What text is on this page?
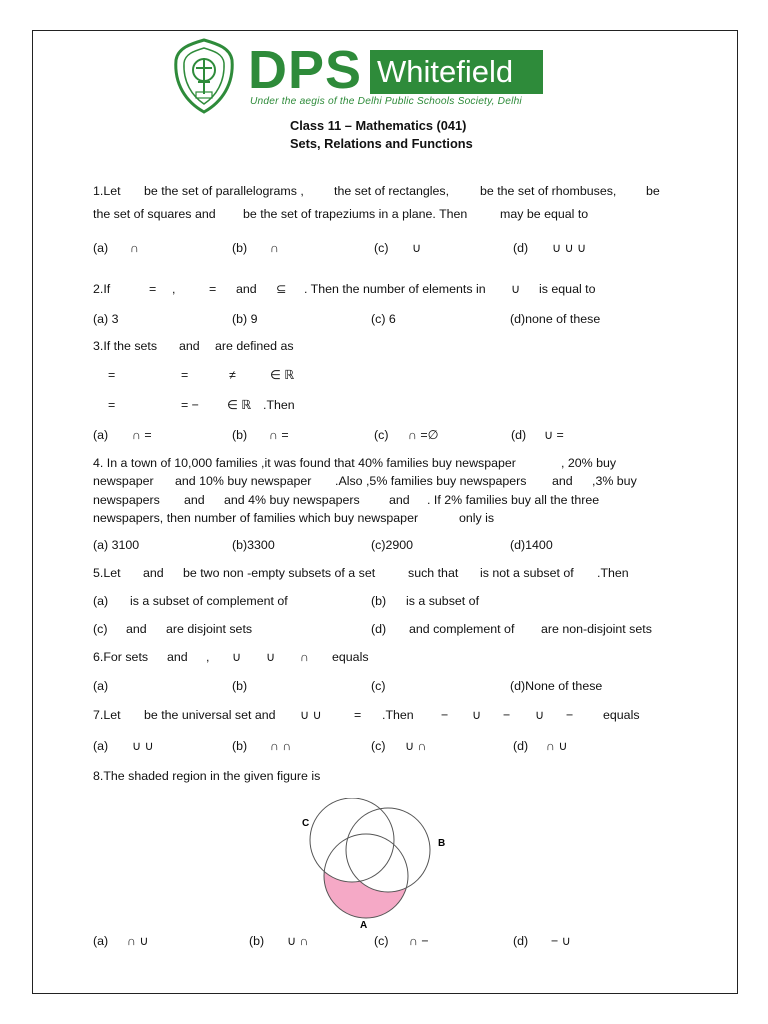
DPS Whitefield
Under the aegis of the Delhi Public Schools Society, Delhi
Class 11 – Mathematics (041)
Sets, Relations and Functions
1.Let be the set of parallelograms , the set of rectangles, be the set of rhombuses, be
the set of squares and be the set of trapeziums in a plane. Then	may be equal to
(a) ∩	(b) ∩	(c) ∪	(d) ∪ ∪ ∪
2.If	= ,	= and ⊆ . Then the number of elements in ∪ is equal to
(a) 3	(b) 9	(c) 6	(d)none of these
3.If the sets and are defined as
=	=	≠	∈ ℝ
=	= − ∈ ℝ .Then
(a) ∩ =	(b) ∩ =	(c) ∩ =∅	(d) ∪ =
4. In a town of 10,000 families ,it was found that 40% families buy newspaper	, 20% buy
newspaper and 10% buy newspaper .Also ,5% families buy newspapers and ,3% buy
newspapers and and 4% buy newspapers and . If 2% families buy all the three
newspapers, then number of families which buy newspaper	only is
(a) 3100	(b)3300	(c)2900	(d)1400
5.Let and be two non -empty subsets of a set	such that is not a subset of .Then
(a) is a subset of complement of	(b) is a subset of
(c) and are disjoint sets	(d) and complement of are non-disjoint sets
6.For sets and , ∪ ∪ ∩ equals
(a)	(b)	(c)	(d)None of these
7.Let be the universal set and ∪ ∪	= .Then − ∪ − ∪ − equals
(a) ∪ ∪	(b) ∩ ∩	(c) ∪ ∩	(d) ∩ ∪
8.The shaded region in the given figure is
C
B
A
(a) ∩ ∪	(b) ∪ ∩	(c) ∩ −	(d) − ∪
